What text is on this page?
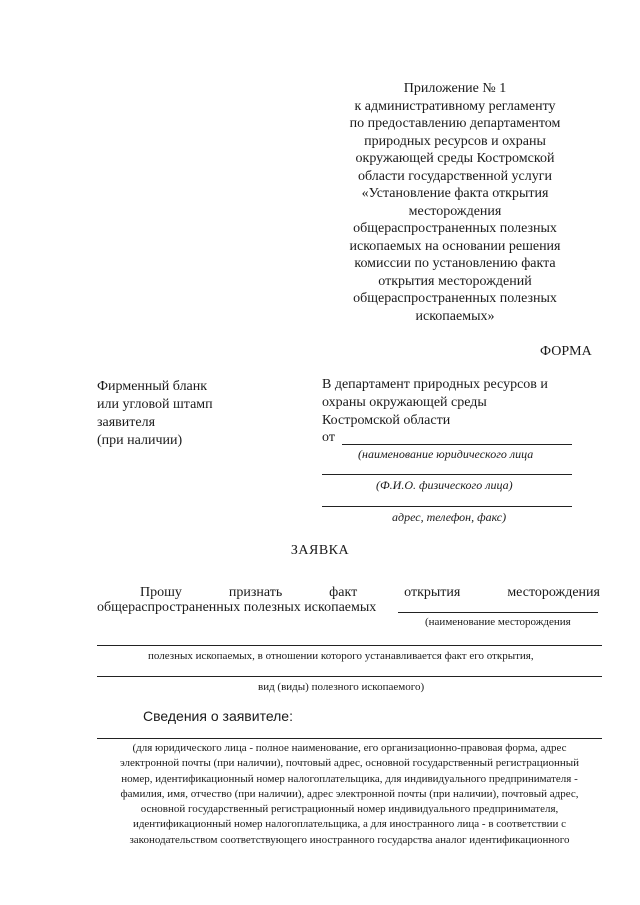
Приложение № 1
к административному регламенту
по предоставлению департаментом
природных ресурсов и охраны
окружающей среды Костромской
области государственной услуги
«Установление факта открытия
месторождения
общераспространенных полезных
ископаемых на основании решения
комиссии по установлению факта
открытия месторождений
общераспространенных полезных
ископаемых»
ФОРМА
Фирменный бланк
или угловой штамп
заявителя
(при наличии)
В департамент природных ресурсов и
охраны окружающей среды
Костромской области
от
(наименование юридического лица
(Ф.И.О. физического лица)
адрес, телефон, факс)
ЗАЯВКА
Прошу	признать	факт	открытия	месторождения
общераспространенных полезных ископаемых
(наименование месторождения
полезных ископаемых, в отношении которого устанавливается факт его открытия,
вид (виды) полезного ископаемого)
Сведения о заявителе:
(для юридического лица - полное наименование, его организационно-правовая форма, адрес
электронной почты (при наличии), почтовый адрес, основной государственный регистрационный
номер, идентификационный номер налогоплательщика, для индивидуального предпринимателя -
фамилия, имя, отчество (при наличии), адрес электронной почты (при наличии), почтовый адрес,
основной государственный регистрационный номер индивидуального предпринимателя,
идентификационный номер налогоплательщика, а для иностранного лица - в соответствии с
законодательством соответствующего иностранного государства аналог идентификационного
